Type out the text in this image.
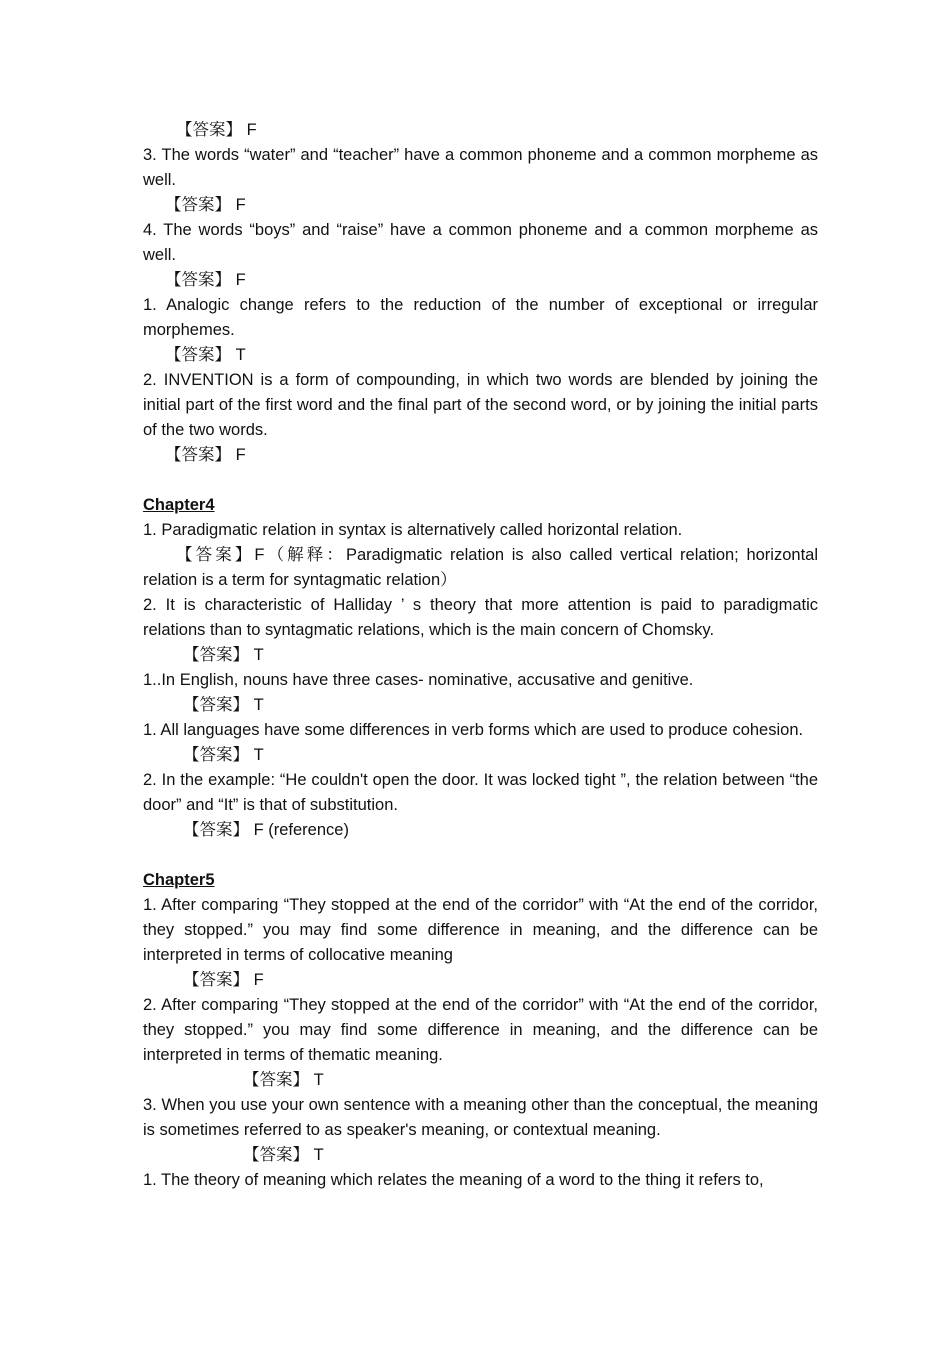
【答案】 F

3. The words “water” and “teacher” have a common phoneme and a common morpheme as well.

【答案】 F

4. The words “boys” and “raise” have a common phoneme and a common morpheme as well.

【答案】 F

1. Analogic change refers to the reduction of the number of exceptional or irregular morphemes.

【答案】 T

2. INVENTION is a form of compounding, in which two words are blended by joining the initial part of the first word and the final part of the second word, or by joining the initial parts of the two words.

【答案】 F

Chapter4

1. Paradigmatic relation in syntax is alternatively called horizontal relation.

【答案】F（解释：Paradigmatic relation is also called vertical relation; horizontal relation is a term for syntagmatic relation）

2. It is characteristic of Halliday ’ s theory that more attention is paid to paradigmatic relations than to syntagmatic relations, which is the main concern of Chomsky.

【答案】 T

1..In English, nouns have three cases- nominative, accusative and genitive.

【答案】 T

1. All languages have some differences in verb forms which are used to produce cohesion.

【答案】 T

2. In the example: “He couldn't open the door. It was locked tight ”, the relation between “the door” and “It” is that of substitution.

【答案】 F (reference)

Chapter5

1. After comparing “They stopped at the end of the corridor” with “At the end of the corridor, they stopped.” you may find some difference in meaning, and the difference can be interpreted in terms of collocative meaning

【答案】 F

2. After comparing “They stopped at the end of the corridor” with “At the end of the corridor, they stopped.” you may find some difference in meaning, and the difference can be interpreted in terms of thematic meaning.

【答案】 T

3. When you use your own sentence with a meaning other than the conceptual, the meaning is sometimes referred to as speaker's meaning, or contextual meaning.

【答案】 T

1. The theory of meaning which relates the meaning of a word to the thing it refers to,
